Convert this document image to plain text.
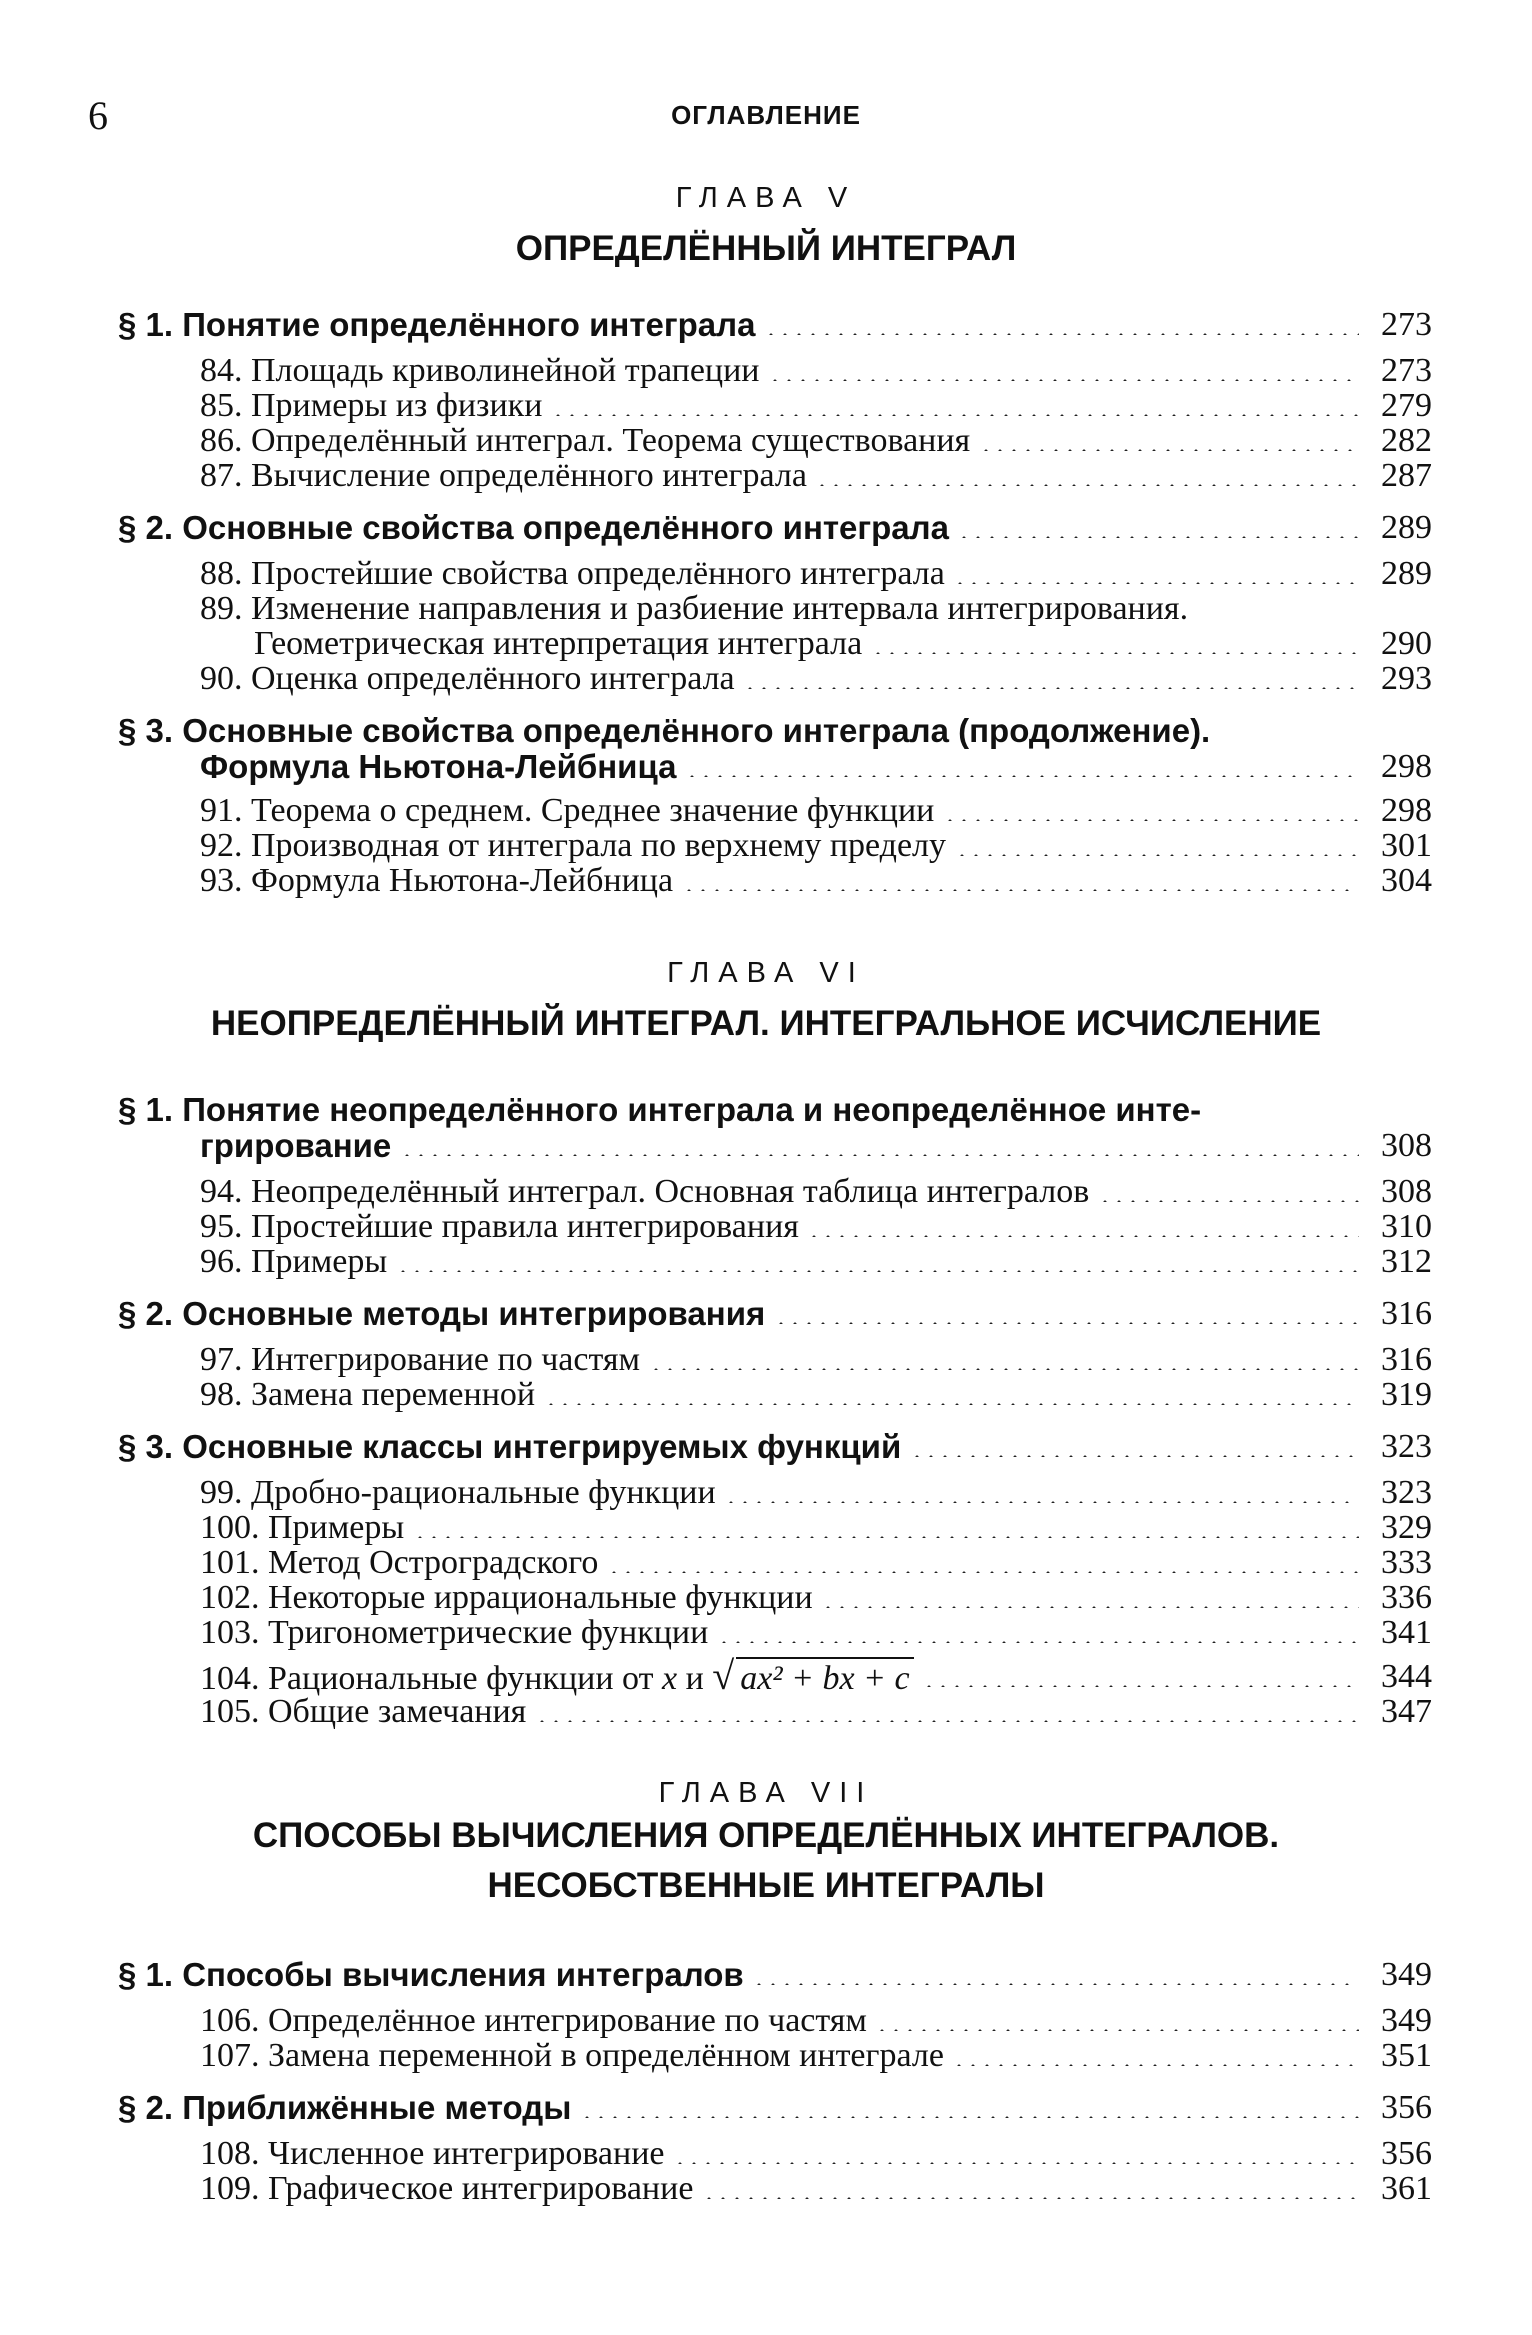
6	ОГЛАВЛЕНИЕ
ГЛАВА V
ОПРЕДЕЛЁННЫЙ ИНТЕГРАЛ
§ 1. Понятие определённого интеграла	273
84. Площадь криволинейной трапеции	273
85. Примеры из физики	279
86. Определённый интеграл. Теорема существования	282
87. Вычисление определённого интеграла	287
§ 2. Основные свойства определённого интеграла	289
88. Простейшие свойства определённого интеграла	289
89. Изменение направления и разбиение интервала интегрирования.
Геометрическая интерпретация интеграла	290
90. Оценка определённого интеграла	293
§ 3. Основные свойства определённого интеграла (продолжение).
Формула Ньютона-Лейбница	298
91. Теорема о среднем. Среднее значение функции	298
92. Производная от интеграла по верхнему пределу	301
93. Формула Ньютона-Лейбница	304
ГЛАВА VI
НЕОПРЕДЕЛЁННЫЙ ИНТЕГРАЛ. ИНТЕГРАЛЬНОЕ ИСЧИСЛЕНИЕ
§ 1. Понятие неопределённого интеграла и неопределённое инте-
грирование	308
94. Неопределённый интеграл. Основная таблица интегралов	308
95. Простейшие правила интегрирования	310
96. Примеры	312
§ 2. Основные методы интегрирования	316
97. Интегрирование по частям	316
98. Замена переменной	319
§ 3. Основные классы интегрируемых функций	323
99. Дробно-рациональные функции	323
100. Примеры	329
101. Метод Остроградского	333
102. Некоторые иррациональные функции	336
103. Тригонометрические функции	341
104. Рациональные функции от x и √ ax² + bx + c	344
105. Общие замечания	347
ГЛАВА VII
СПОСОБЫ ВЫЧИСЛЕНИЯ ОПРЕДЕЛЁННЫХ ИНТЕГРАЛОВ.
НЕСОБСТВЕННЫЕ ИНТЕГРАЛЫ
§ 1. Способы вычисления интегралов	349
106. Определённое интегрирование по частям	349
107. Замена переменной в определённом интеграле	351
§ 2. Приближённые методы	356
108. Численное интегрирование	356
109. Графическое интегрирование	361
